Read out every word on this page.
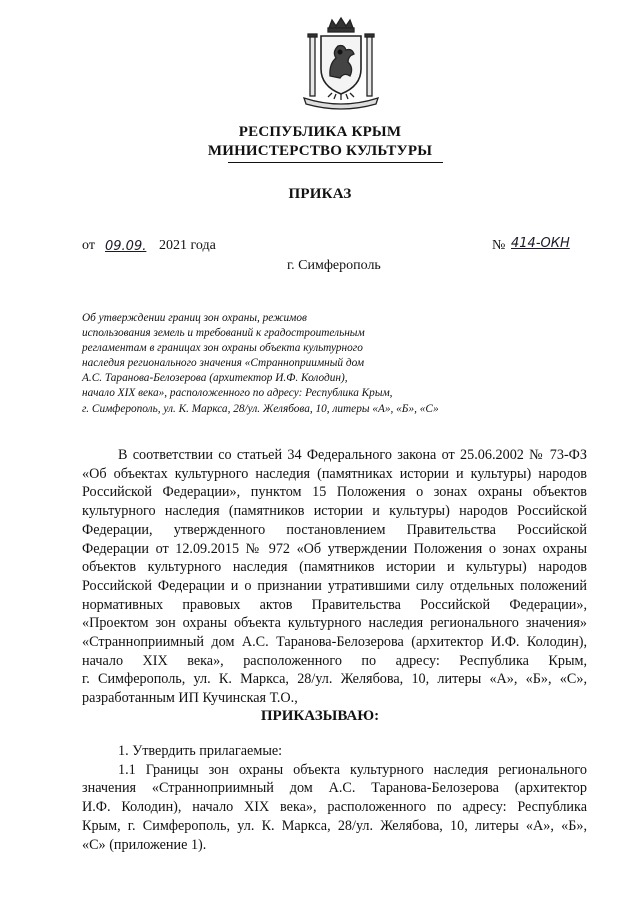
РЕСПУБЛИКА КРЫМ
МИНИСТЕРСТВО КУЛЬТУРЫ
ПРИКАЗ
от 09.09. 2021 года	№ 414-ОКН
г. Симферополь
Об утверждении границ зон охраны, режимов
использования земель и требований к градостроительным
регламентам в границах зон охраны объекта культурного
наследия регионального значения «Странноприимный дом
А.С. Таранова-Белозерова (архитектор И.Ф. Колодин),
начало XIX века», расположенного по адресу: Республика Крым,
г. Симферополь, ул. К. Маркса, 28/ул. Желябова, 10, литеры «А», «Б», «С»
В соответствии со статьей 34 Федерального закона от 25.06.2002 № 73-ФЗ
«Об объектах культурного наследия (памятниках истории и культуры) народов
Российской Федерации», пунктом 15 Положения о зонах охраны объектов
культурного наследия (памятников истории и культуры) народов Российской
Федерации, утвержденного постановлением Правительства Российской
Федерации от 12.09.2015 № 972 «Об утверждении Положения о зонах охраны
объектов культурного наследия (памятников истории и культуры) народов
Российской Федерации и о признании утратившими силу отдельных положений
нормативных правовых актов Правительства Российской Федерации»,
«Проектом зон охраны объекта культурного наследия регионального значения»
«Странноприимный дом А.С. Таранова-Белозерова (архитектор И.Ф. Колодин),
начало XIX века», расположенного по адресу: Республика Крым,
г. Симферополь, ул. К. Маркса, 28/ул. Желябова, 10, литеры «А», «Б», «С»,
разработанным ИП Кучинская Т.О.,
ПРИКАЗЫВАЮ:
1. Утвердить прилагаемые:
1.1 Границы зон охраны объекта культурного наследия регионального
значения «Странноприимный дом А.С. Таранова-Белозерова (архитектор
И.Ф. Колодин), начало XIX века», расположенного по адресу: Республика
Крым, г. Симферополь, ул. К. Маркса, 28/ул. Желябова, 10, литеры «А», «Б»,
«С» (приложение 1).
